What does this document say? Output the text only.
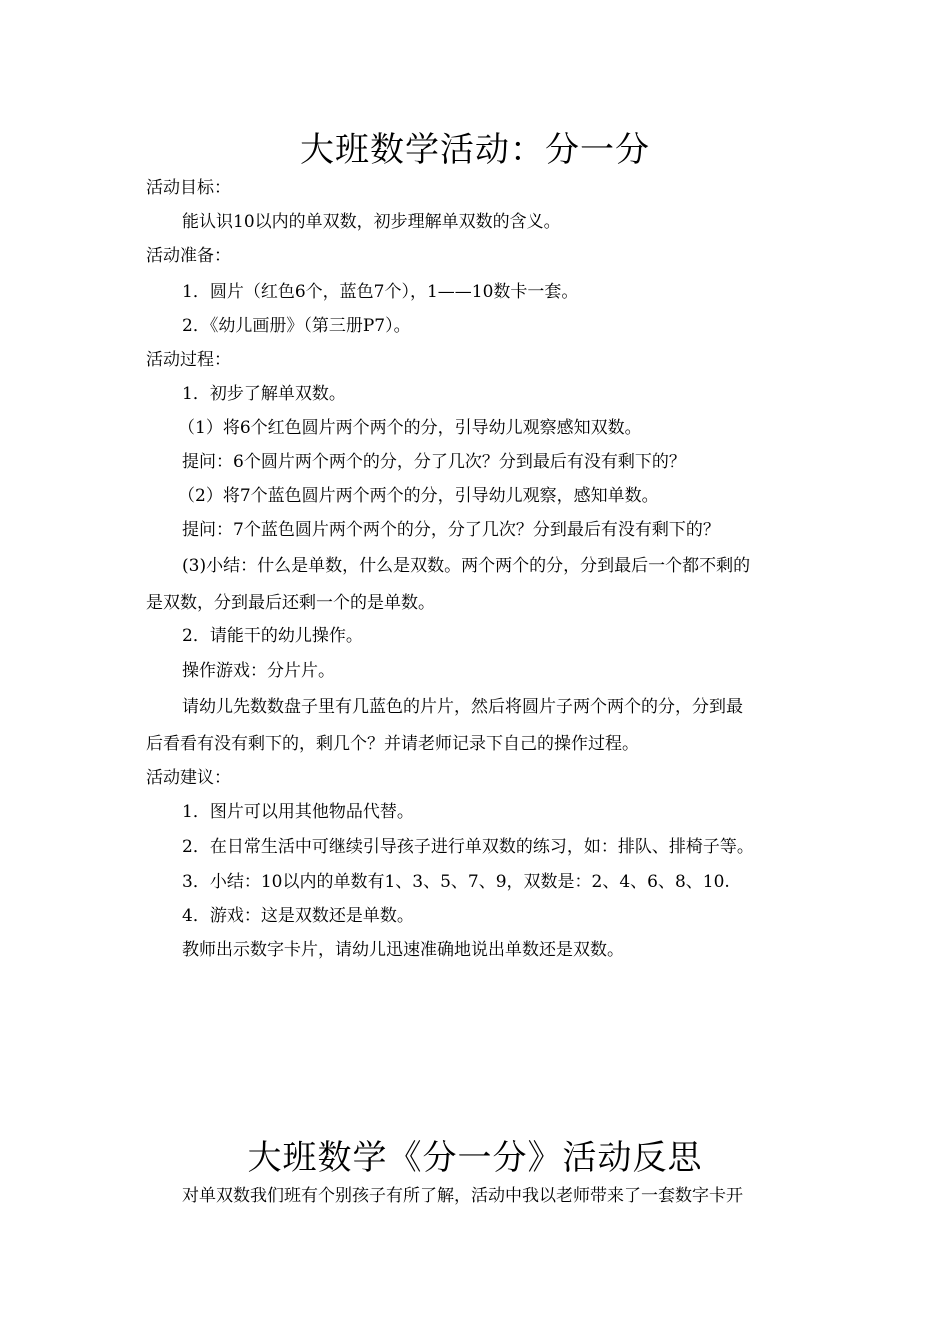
大班数学活动：分一分

活动目标：

能认识10以内的单双数，初步理解单双数的含义。

活动准备：

1．圆片（红色6个，蓝色7个），1——10数卡一套。

2．《幼儿画册》（第三册P7）。

活动过程：

1．初步了解单双数。

（1）将6个红色圆片两个两个的分，引导幼儿观察感知双数。

提问：6个圆片两个两个的分，分了几次？分到最后有没有剩下的？

（2）将7个蓝色圆片两个两个的分，引导幼儿观察，感知单数。

提问：7个蓝色圆片两个两个的分，分了几次？分到最后有没有剩下的？

(3)小结：什么是单数，什么是双数。两个两个的分，分到最后一个都不剩的

是双数，分到最后还剩一个的是单数。

2．请能干的幼儿操作。

操作游戏：分片片。

请幼儿先数数盘子里有几蓝色的片片，然后将圆片子两个两个的分，分到最

后看看有没有剩下的，剩几个？并请老师记录下自己的操作过程。

活动建议：

1．图片可以用其他物品代替。

2．在日常生活中可继续引导孩子进行单双数的练习，如：排队、排椅子等。

3．小结：10以内的单数有1、3、5、7、9，双数是：2、4、6、8、10.

4．游戏：这是双数还是单数。

教师出示数字卡片，请幼儿迅速准确地说出单数还是双数。

大班数学《分一分》活动反思

对单双数我们班有个别孩子有所了解，活动中我以老师带来了一套数字卡开
